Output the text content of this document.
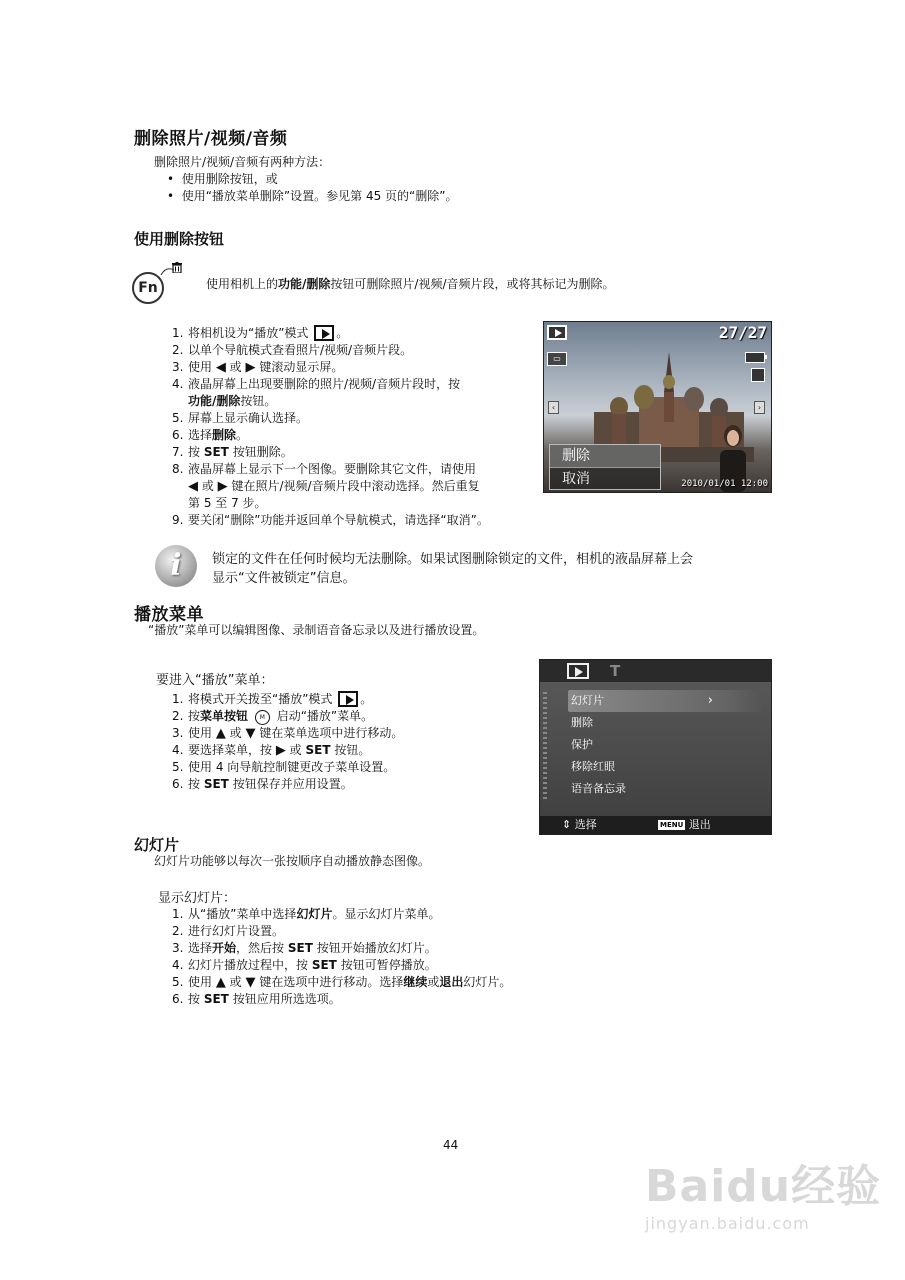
删除照片/视频/音频
删除照片/视频/音频有两种方法：
•  使用删除按钮，或
•  使用“播放菜单删除”设置。参见第 45 页的“删除”。
使用删除按钮
Fn	使用相机上的功能/删除按钮可删除照片/视频/音频片段，或将其标记为删除。
1. 将相机设为“播放”模式 。
2. 以单个导航模式查看照片/视频/音频片段。
3. 使用 ◀ 或 ▶ 键滚动显示屏。
4. 液晶屏幕上出现要删除的照片/视频/音频片段时，按
功能/删除按钮。
5. 屏幕上显示确认选择。
6. 选择删除。
7. 按 SET 按钮删除。
8. 液晶屏幕上显示下一个图像。要删除其它文件，请使用
◀ 或 ▶ 键在照片/视频/音频片段中滚动选择。然后重复
第 5 至 7 步。
9. 要关闭“删除”功能并返回单个导航模式，请选择“取消”。
27/27
▭
‹	›
删除
取消	2010/01/01 12:00
i	锁定的文件在任何时候均无法删除。如果试图删除锁定的文件，相机的液晶屏幕上会
显示“文件被锁定”信息。
播放菜单
“播放”菜单可以编辑图像、录制语音备忘录以及进行播放设置。
要进入“播放”菜单：
1. 将模式开关拨至“播放”模式 。
2. 按菜单按钮 M 启动“播放”菜单。
3. 使用 ▲ 或 ▼ 键在菜单选项中进行移动。
4. 要选择菜单，按 ▶ 或 SET 按钮。
5. 使用 4 向导航控制键更改子菜单设置。
6. 按 SET 按钮保存并应用设置。
T
幻灯片	›
删除
保护
移除红眼
语音备忘录
⇕ 选择	MENU 退出
幻灯片
幻灯片功能够以每次一张按顺序自动播放静态图像。
显示幻灯片：
1. 从“播放”菜单中选择幻灯片。显示幻灯片菜单。
2. 进行幻灯片设置。
3. 选择开始，然后按 SET 按钮开始播放幻灯片。
4. 幻灯片播放过程中，按 SET 按钮可暂停播放。
5. 使用 ▲ 或 ▼ 键在选项中进行移动。选择继续或退出幻灯片。
6. 按 SET 按钮应用所选选项。
44
Baidu经验
jingyan.baidu.com
